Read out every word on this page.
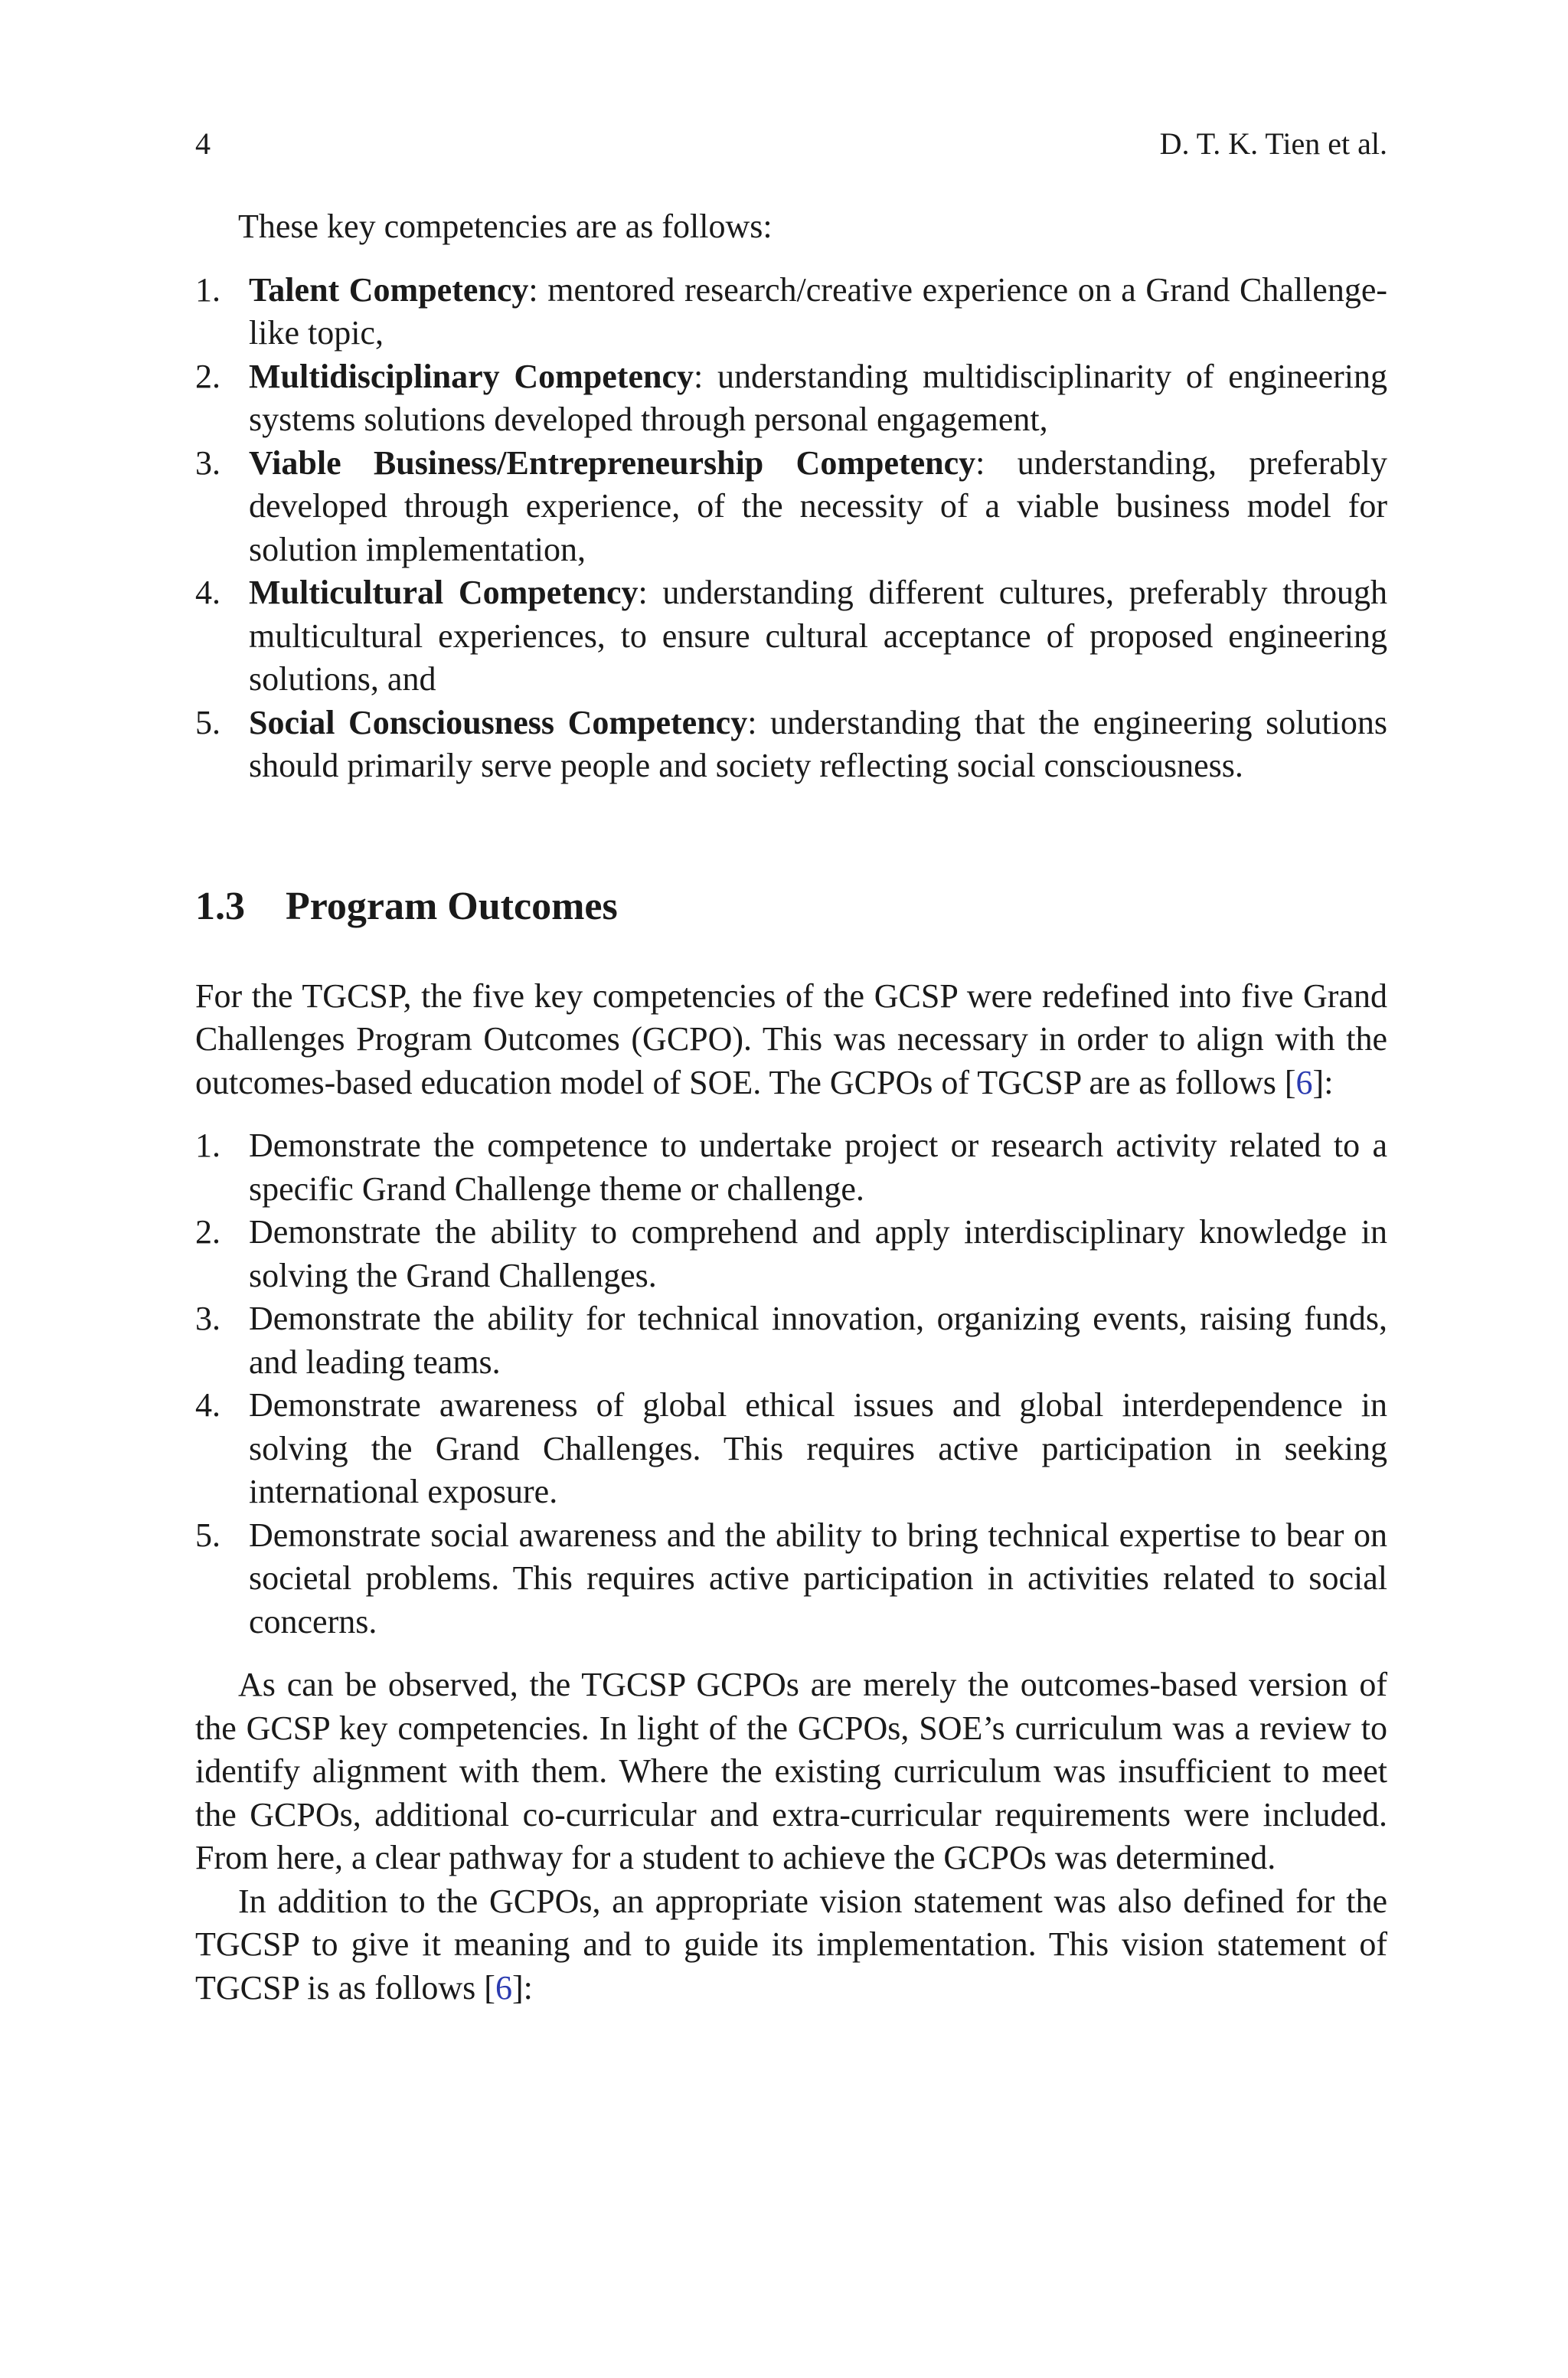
4	D. T. K. Tien et al.

These key competencies are as follows:

1. Talent Competency: mentored research/creative experience on a Grand Challenge-like topic,
2. Multidisciplinary Competency: understanding multidisciplinarity of engineering systems solutions developed through personal engagement,
3. Viable Business/Entrepreneurship Competency: understanding, preferably developed through experience, of the necessity of a viable business model for solution implementation,
4. Multicultural Competency: understanding different cultures, preferably through multicultural experiences, to ensure cultural acceptance of proposed engineering solutions, and
5. Social Consciousness Competency: understanding that the engineering solutions should primarily serve people and society reflecting social consciousness.
1.3 Program Outcomes

For the TGCSP, the five key competencies of the GCSP were redefined into five Grand Challenges Program Outcomes (GCPO). This was necessary in order to align with the outcomes-based education model of SOE. The GCPOs of TGCSP are as follows [6]:

1. Demonstrate the competence to undertake project or research activity related to a specific Grand Challenge theme or challenge.
2. Demonstrate the ability to comprehend and apply interdisciplinary knowledge in solving the Grand Challenges.
3. Demonstrate the ability for technical innovation, organizing events, raising funds, and leading teams.
4. Demonstrate awareness of global ethical issues and global interdependence in solving the Grand Challenges. This requires active participation in seeking international exposure.
5. Demonstrate social awareness and the ability to bring technical expertise to bear on societal problems. This requires active participation in activities related to social concerns.

As can be observed, the TGCSP GCPOs are merely the outcomes-based version of the GCSP key competencies. In light of the GCPOs, SOE’s curriculum was a review to identify alignment with them. Where the existing curriculum was insufficient to meet the GCPOs, additional co-curricular and extra-curricular requirements were included. From here, a clear pathway for a student to achieve the GCPOs was determined.

In addition to the GCPOs, an appropriate vision statement was also defined for the TGCSP to give it meaning and to guide its implementation. This vision statement of TGCSP is as follows [6]:
